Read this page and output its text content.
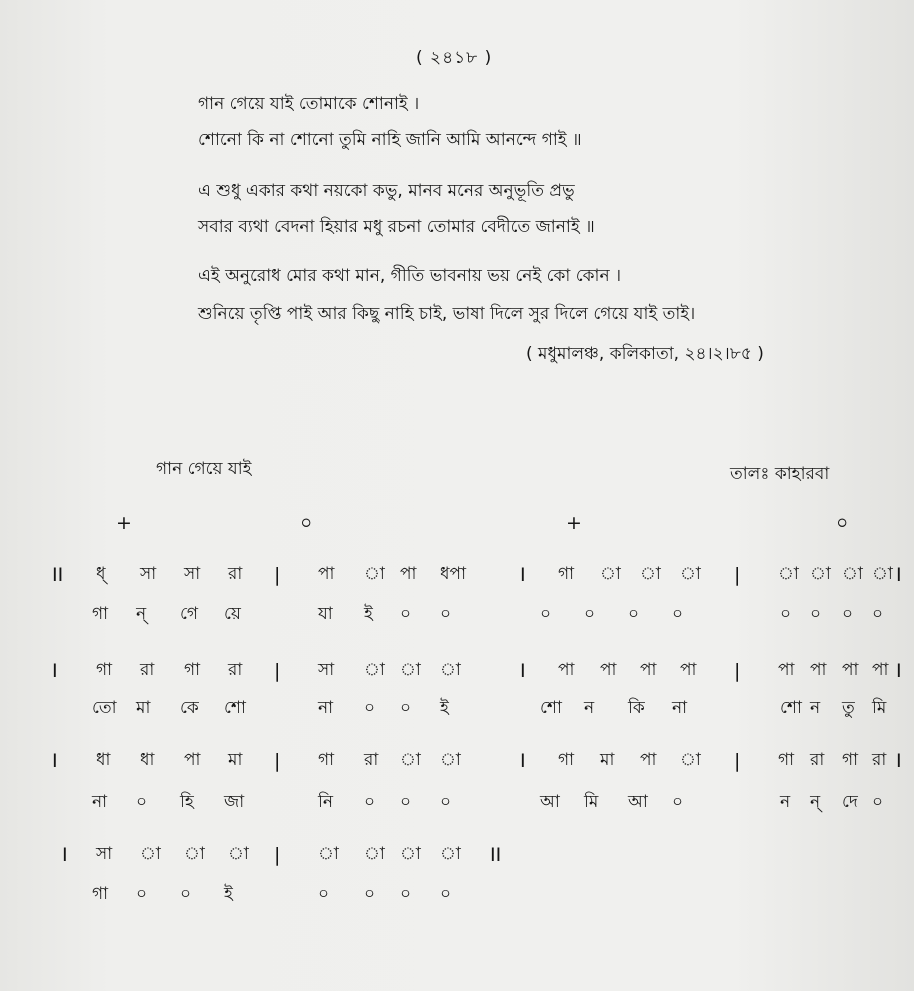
( ২৪১৮ )
গান গেয়ে যাই তোমাকে শোনাই ।
শোনো কি না শোনো তুমি নাহি জানি আমি আনন্দে গাই ॥
এ শুধু একার কথা নয়কো কভু, মানব মনের অনুভূতি প্রভু
সবার ব্যথা বেদনা হিয়ার মধু রচনা তোমার বেদীতে জানাই ॥
এই অনুরোধ মোর কথা মান, গীতি ভাবনায় ভয় নেই কো কোন ।
শুনিয়ে তৃপ্তি পাই আর কিছু নাহি চাই, ভাষা দিলে সুর দিলে গেয়ে যাই তাই।
( মধুমালঞ্চ, কলিকাতা, ২৪।২।৮৫ )
গান গেয়ে যাই	তালঃ কাহারবা
+	০	+	০
II ধ্ সা সা রা | পা া পা ধপা	I গা া া া | া া া া I
গা ন্ গে য়ে	যা ই ০ ০	০ ০ ০ ০	০ ০ ০ ০
I গা রা গা রা | সা া া া	I পা পা পা পা | পা পা পা পা I
তো মা কে শো	না ০ ০ ই	শো ন কি না	শো ন তু মি
I ধা ধা পা মা | গা রা া া	I গা মা পা া | গা রা গা রা I
না ০ হি জা	নি ০ ০ ০	আ মি আ ০	ন ন্ দে ০
I সা া া া | া া া া II
গা ০ ০ ই	০ ০ ০ ০
